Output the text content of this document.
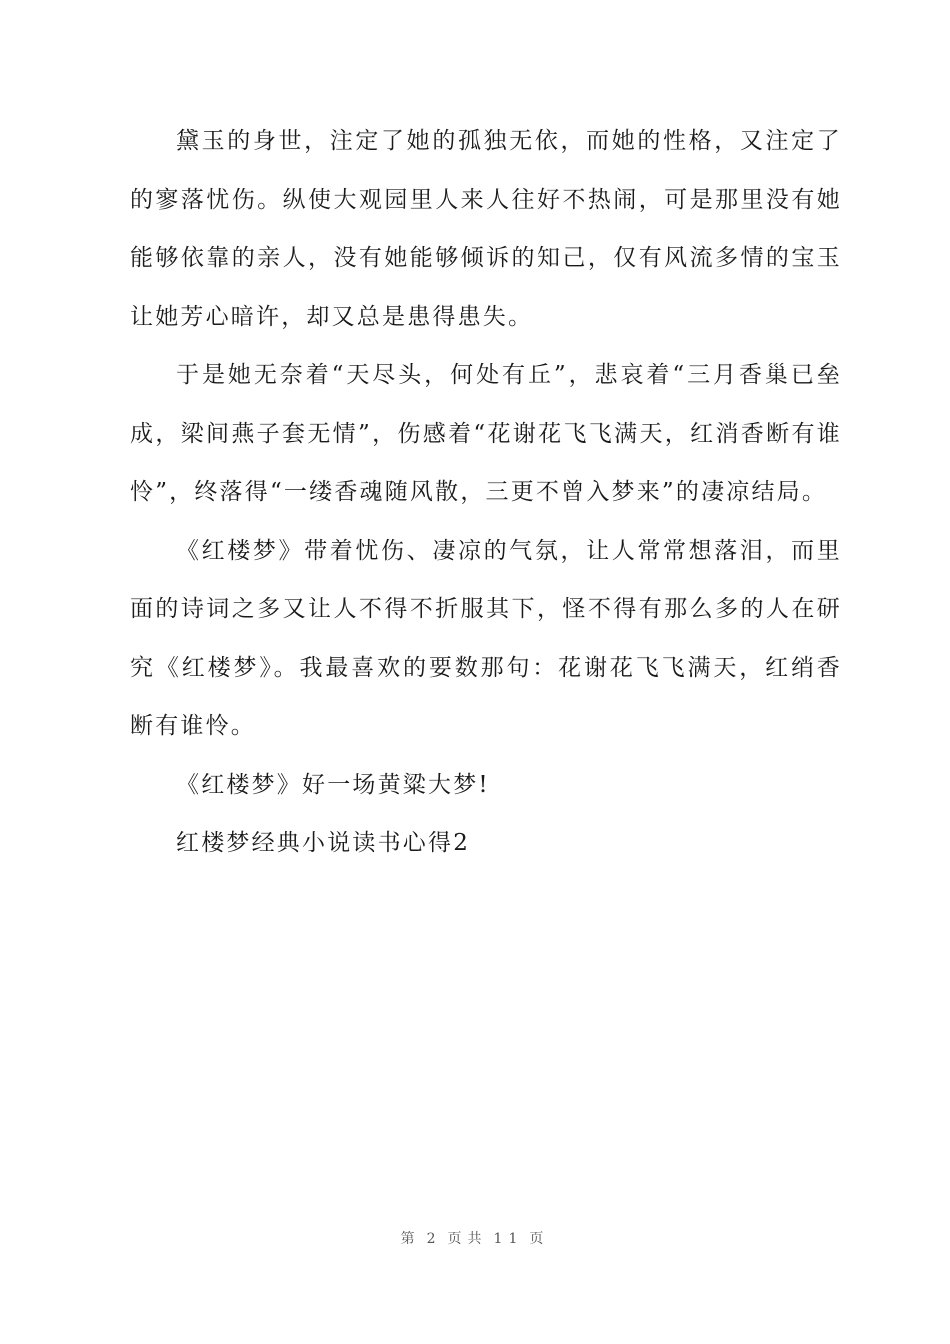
黛玉的身世，注定了她的孤独无依，而她的性格，又注定了的寥落忧伤。纵使大观园里人来人往好不热闹，可是那里没有她能够依靠的亲人，没有她能够倾诉的知己，仅有风流多情的宝玉让她芳心暗许，却又总是患得患失。

于是她无奈着“天尽头，何处有丘”，悲哀着“三月香巢已垒成，梁间燕子套无情”，伤感着“花谢花飞飞满天，红消香断有谁怜”，终落得“一缕香魂随风散，三更不曾入梦来”的凄凉结局。

《红楼梦》带着忧伤、凄凉的气氛，让人常常想落泪，而里面的诗词之多又让人不得不折服其下，怪不得有那么多的人在研究《红楼梦》。我最喜欢的要数那句：花谢花飞飞满天，红绡香断有谁怜。

《红楼梦》好一场黄粱大梦!

红楼梦经典小说读书心得2

第 2 页共 11 页
